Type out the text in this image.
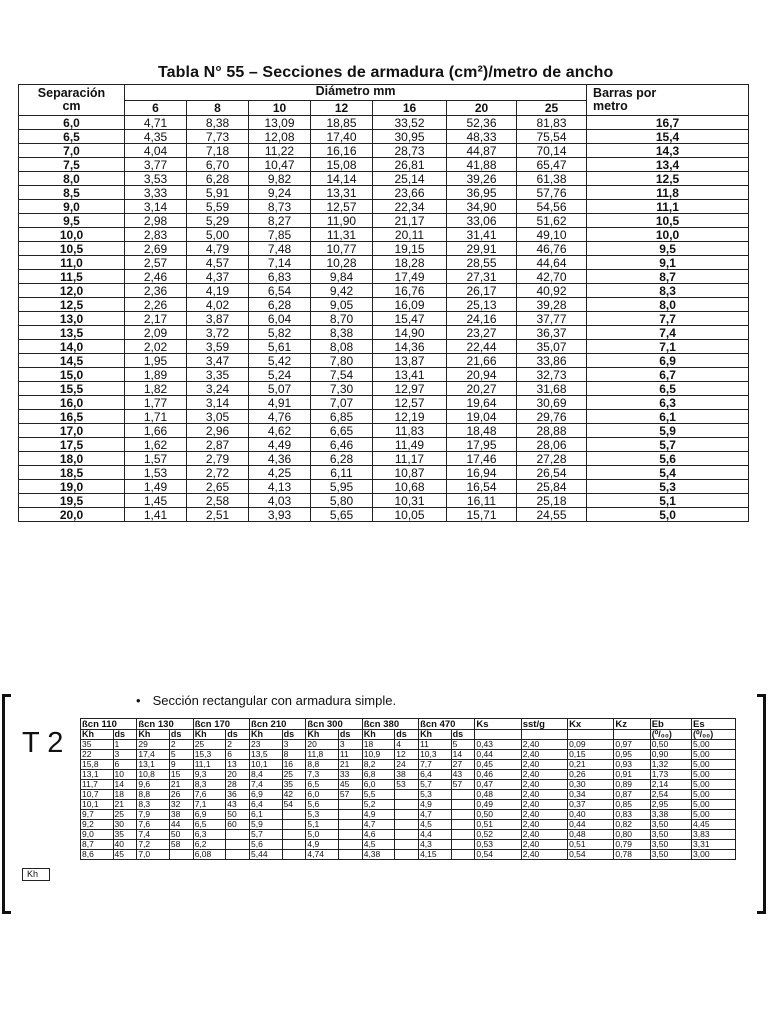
Tabla N° 55 – Secciones de armadura (cm²)/metro de ancho
Separación
cm	Diámetro mm							Barras por
metro
	6	8	10	12	16	20	25	
6,0	4,71	8,38	13,09	18,85	33,52	52,36	81,83	16,7
6,5	4,35	7,73	12,08	17,40	30,95	48,33	75,54	15,4
7,0	4,04	7,18	11,22	16,16	28,73	44,87	70,14	14,3
7,5	3,77	6,70	10,47	15,08	26,81	41,88	65,47	13,4
8,0	3,53	6,28	9,82	14,14	25,14	39,26	61,38	12,5
8,5	3,33	5,91	9,24	13,31	23,66	36,95	57,76	11,8
9,0	3,14	5,59	8,73	12,57	22,34	34,90	54,56	11,1
9,5	2,98	5,29	8,27	11,90	21,17	33,06	51,62	10,5
10,0	2,83	5,00	7,85	11,31	20,11	31,41	49,10	10,0
10,5	2,69	4,79	7,48	10,77	19,15	29,91	46,76	9,5
11,0	2,57	4,57	7,14	10,28	18,28	28,55	44,64	9,1
11,5	2,46	4,37	6,83	9,84	17,49	27,31	42,70	8,7
12,0	2,36	4,19	6,54	9,42	16,76	26,17	40,92	8,3
12,5	2,26	4,02	6,28	9,05	16,09	25,13	39,28	8,0
13,0	2,17	3,87	6,04	8,70	15,47	24,16	37,77	7,7
13,5	2,09	3,72	5,82	8,38	14,90	23,27	36,37	7,4
14,0	2,02	3,59	5,61	8,08	14,36	22,44	35,07	7,1
14,5	1,95	3,47	5,42	7,80	13,87	21,66	33,86	6,9
15,0	1,89	3,35	5,24	7,54	13,41	20,94	32,73	6,7
15,5	1,82	3,24	5,07	7,30	12,97	20,27	31,68	6,5
16,0	1,77	3,14	4,91	7,07	12,57	19,64	30,69	6,3
16,5	1,71	3,05	4,76	6,85	12,19	19,04	29,76	6,1
17,0	1,66	2,96	4,62	6,65	11,83	18,48	28,88	5,9
17,5	1,62	2,87	4,49	6,46	11,49	17,95	28,06	5,7
18,0	1,57	2,79	4,36	6,28	11,17	17,46	27,28	5,6
18,5	1,53	2,72	4,25	6,11	10,87	16,94	26,54	5,4
19,0	1,49	2,65	4,13	5,95	10,68	16,54	25,84	5,3
19,5	1,45	2,58	4,03	5,80	10,31	16,11	25,18	5,1
20,0	1,41	2,51	3,93	5,65	10,05	15,71	24,55	5,0
• Sección rectangular con armadura simple.
T 2
Kh
ßcn 110		ßcn 130		ßcn 170		ßcn 210		ßcn 300		ßcn 380		ßcn 470		Ks	sst/g	Kx	Kz	Eb	Es
Kh	ds	Kh	ds	Kh	ds	Kh	ds	Kh	ds	Kh	ds	Kh	ds					(⁰/₀₀)	(⁰/₀₀)
35	1	29	2	25	2	23	3	20	3	18	4	11	5	0,43	2,40	0,09	0,97	0,50	5,00
22	3	17,4	5	15,3	6	13,5	8	11,8	11	10,9	12	10,3	14	0,44	2,40	0,15	0,95	0,90	5,00
15,8	6	13,1	9	11,1	13	10,1	16	8,8	21	8,2	24	7,7	27	0,45	2,40	0,21	0,93	1,32	5,00
13,1	10	10,8	15	9,3	20	8,4	25	7,3	33	6,8	38	6,4	43	0,46	2,40	0,26	0,91	1,73	5,00
11,7	14	9,6	21	8,3	28	7,4	35	6,5	45	6,0	53	5,7	57	0,47	2,40	0,30	0,89	2,14	5,00
10,7	18	8,8	26	7,6	36	6,9	42	6,0	57	5,5		5,3		0,48	2,40	0,34	0,87	2,54	5,00
10,1	21	8,3	32	7,1	43	6,4	54	5,6		5,2		4,9		0,49	2,40	0,37	0,85	2,95	5,00
9,7	25	7,9	38	6,9	50	6,1		5,3		4,9		4,7		0,50	2,40	0,40	0,83	3,38	5,00
9,2	30	7,6	44	6,5	60	5,9		5,1		4,7		4,5		0,51	2,40	0,44	0,82	3,50	4,45
9,0	35	7,4	50	6,3		5,7		5,0		4,6		4,4		0,52	2,40	0,48	0,80	3,50	3,83
8,7	40	7,2	58	6,2		5,6		4,9		4,5		4,3		0,53	2,40	0,51	0,79	3,50	3,31
8,6	45	7,0		6,08		5,44		4,74		4,38		4,15		0,54	2,40	0,54	0,78	3,50	3,00
